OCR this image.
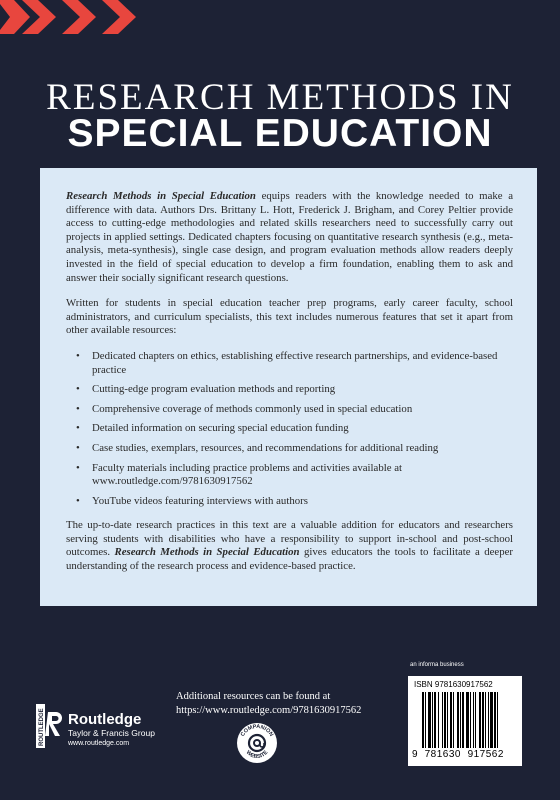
RESEARCH METHODS IN
SPECIAL EDUCATION

Research Methods in Special Education equips readers with the knowledge needed to make a difference with data. Authors Drs. Brittany L. Hott, Frederick J. Brigham, and Corey Peltier provide access to cutting-edge methodologies and related skills researchers need to successfully carry out projects in applied settings. Dedicated chapters focusing on quantitative research synthesis (e.g., meta-analysis, meta-synthesis), single case design, and program evaluation methods allow readers deeply invested in the field of special education to develop a firm foundation, enabling them to ask and answer their socially significant research questions.

Written for students in special education teacher prep programs, early career faculty, school administrators, and curriculum specialists, this text includes numerous features that set it apart from other available resources:

• Dedicated chapters on ethics, establishing effective research partnerships, and evidence-based practice
• Cutting-edge program evaluation methods and reporting
• Comprehensive coverage of methods commonly used in special education
• Detailed information on securing special education funding
• Case studies, exemplars, resources, and recommendations for additional reading
• Faculty materials including practice problems and activities available at www.routledge.com/9781630917562
• YouTube videos featuring interviews with authors

The up-to-date research practices in this text are a valuable addition for educators and researchers serving students with disabilities who have a responsibility to support in-school and post-school outcomes. Research Methods in Special Education gives educators the tools to facilitate a deeper understanding of the research process and evidence-based practice.

an informa business
Additional resources can be found at
https://www.routledge.com/9781630917562
ROUTLEDGE Routledge
Taylor & Francis Group
www.routledge.com
COMPANION
WEBSITE
ISBN 9781630917562
9 781630 917562
